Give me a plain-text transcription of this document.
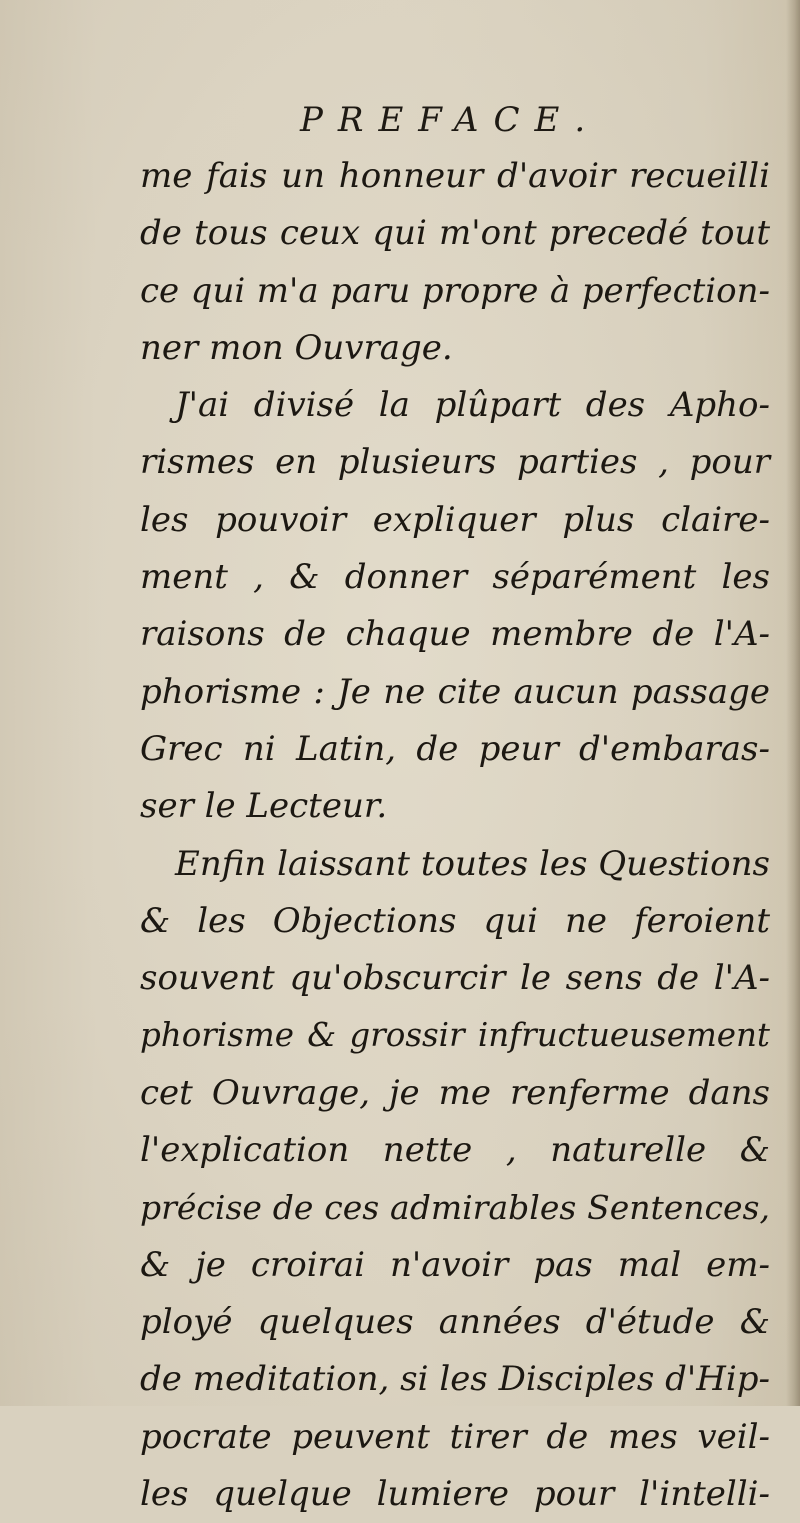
PREFACE.
me fais un honneur d'avoir recueilli
de tous ceux qui m'ont precedé tout
ce qui m'a paru propre à perfection-
ner mon Ouvrage.
J'ai divisé la plûpart des Apho-
rismes en plusieurs parties , pour
les pouvoir expliquer plus claire-
ment , & donner séparément les
raisons de chaque membre de l'A-
phorisme : Je ne cite aucun passage
Grec ni Latin, de peur d'embaras-
ser le Lecteur.
Enfin laissant toutes les Questions
& les Objections qui ne feroient
souvent qu'obscurcir le sens de l'A-
phorisme & grossir infructueusement
cet Ouvrage, je me renferme dans
l'explication nette , naturelle &
précise de ces admirables Sentences,
& je croirai n'avoir pas mal em-
ployé quelques années d'étude &
de meditation, si les Disciples d'Hip-
pocrate peuvent tirer de mes veil-
les quelque lumiere pour l'intelli-
